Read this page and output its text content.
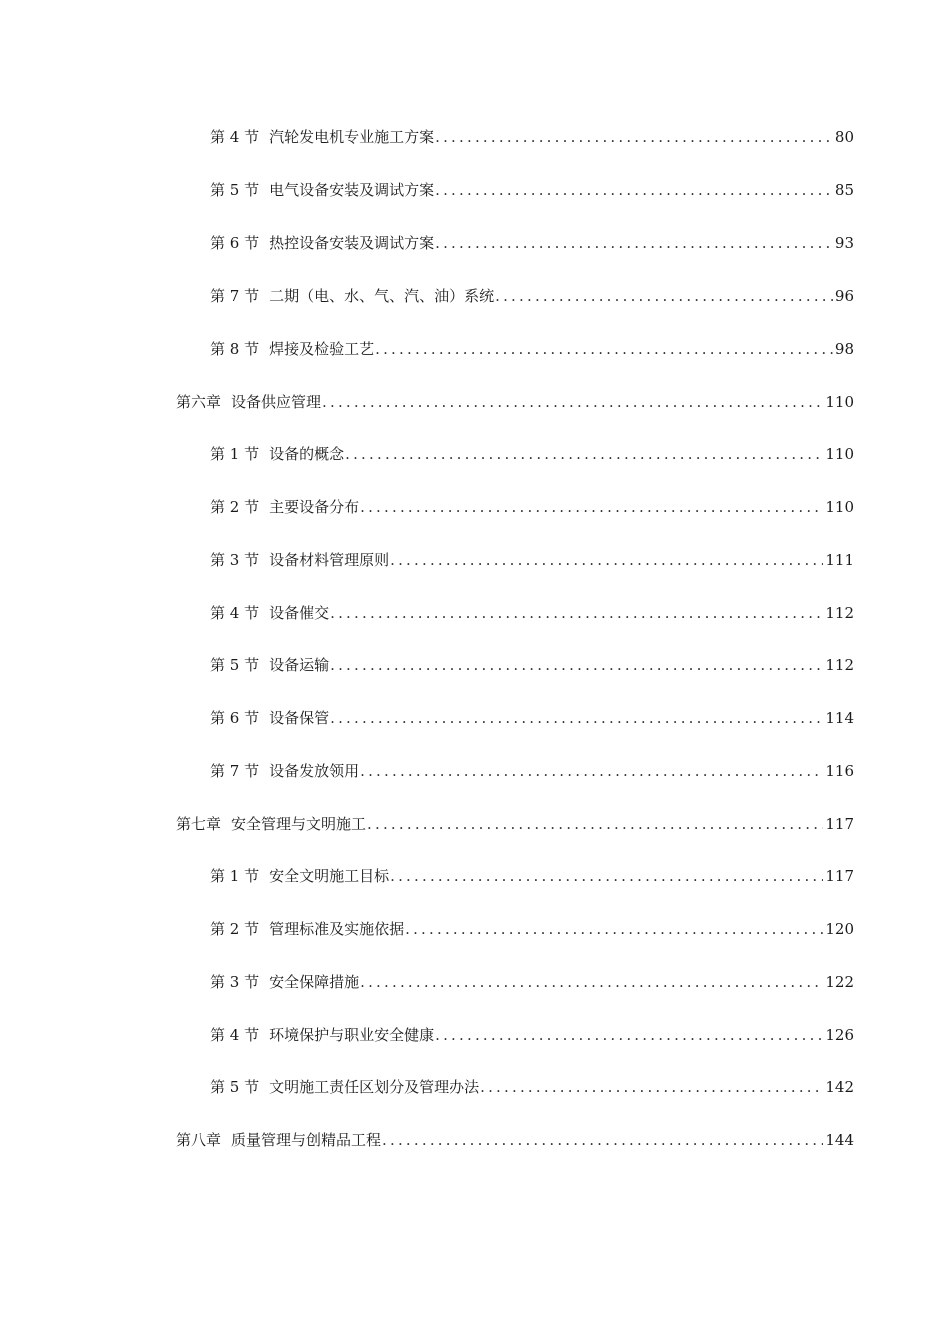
第 4 节 汽轮发电机专业施工方案 .....	80
第 5 节 电气设备安装及调试方案 .....	85
第 6 节 热控设备安装及调试方案 .....	93
第 7 节 二期（电、水、气、汽、油）系统 .....	96
第 8 节 焊接及检验工艺 .....	98
第六章 设备供应管理 .....	110
第 1 节 设备的概念 .....	110
第 2 节 主要设备分布 .....	110
第 3 节 设备材料管理原则 .....	111
第 4 节 设备催交 .....	112
第 5 节 设备运输 .....	112
第 6 节 设备保管 .....	114
第 7 节 设备发放领用 .....	116
第七章 安全管理与文明施工 .....	117
第 1 节 安全文明施工目标 .....	117
第 2 节 管理标准及实施依据 .....	120
第 3 节 安全保障措施 .....	122
第 4 节 环境保护与职业安全健康 .....	126
第 5 节 文明施工责任区划分及管理办法 .....	142
第八章 质量管理与创精品工程 .....	144
